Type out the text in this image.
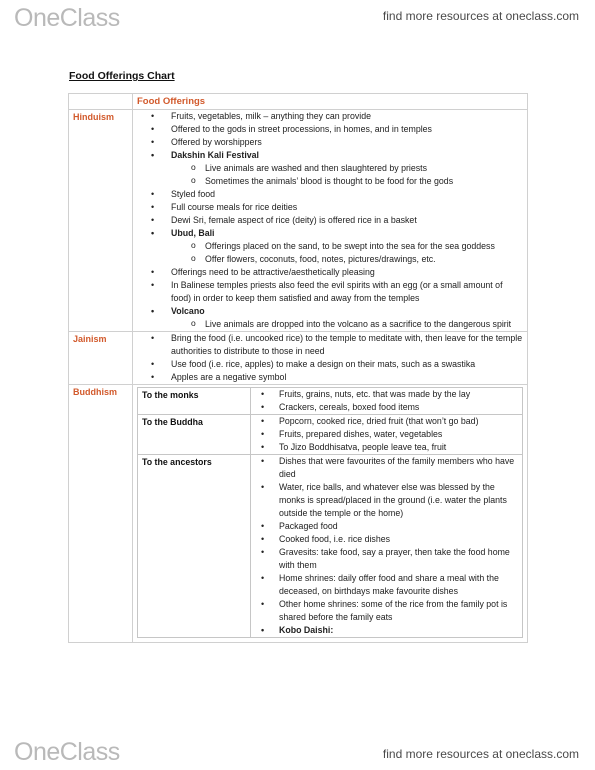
OneClass	find more resources at oneclass.com
Food Offerings Chart

Food Offerings

Hinduism	
•Fruits, vegetables, milk – anything they can provide
• Offered to the gods in street processions, in homes, and in temples
• Offered by worshippers
• Dakshin Kali Festival
o Live animals are washed and then slaughtered by priests
o Sometimes the animals’ blood is thought to be food for the gods
• Styled food
• Full course meals for rice deities
• Dewi Sri, female aspect of rice (deity) is offered rice in a basket
• Ubud, Bali
o Offerings placed on the sand, to be swept into the sea for the sea goddess
o Offer flowers, coconuts, food, notes, pictures/drawings, etc.
• Offerings need to be attractive/aesthetically pleasing
• In Balinese temples priests also feed the evil spirits with an egg (or a small amount of food) in order to keep them satisfied and away from the temples
• Volcano
o Live animals are dropped into the volcano as a sacrifice to the dangerous spirit

Jainism	
•Bring the food (i.e. uncooked rice) to the temple to meditate with, then leave for the temple authorities to distribute to those in need
• Use food (i.e. rice, apples) to make a design on their mats, such as a swastika
• Apples are a negative symbol

Buddhism		To the monks	
•Fruits, grains, nuts, etc. that was made by the lay
• Crackers, cereals, boxed food items

To the Buddha	
•Popcorn, cooked rice, dried fruit (that won’t go bad)
• Fruits, prepared dishes, water, vegetables
• To Jizo Boddhisatva, people leave tea, fruit

To the ancestors	
•Dishes that were favourites of the family members who have died
• Water, rice balls, and whatever else was blessed by the monks is spread/placed in the ground (i.e. water the plants outside the temple or the home)
• Packaged food
• Cooked food, i.e. rice dishes
• Gravesits: take food, say a prayer, then take the food home with them
• Home shrines: daily offer food and share a meal with the deceased, on birthdays make favourite dishes
• Other home shrines: some of the rice from the family pot is shared before the family eats
• Kobo Daishi:
OneClass	find more resources at oneclass.com
